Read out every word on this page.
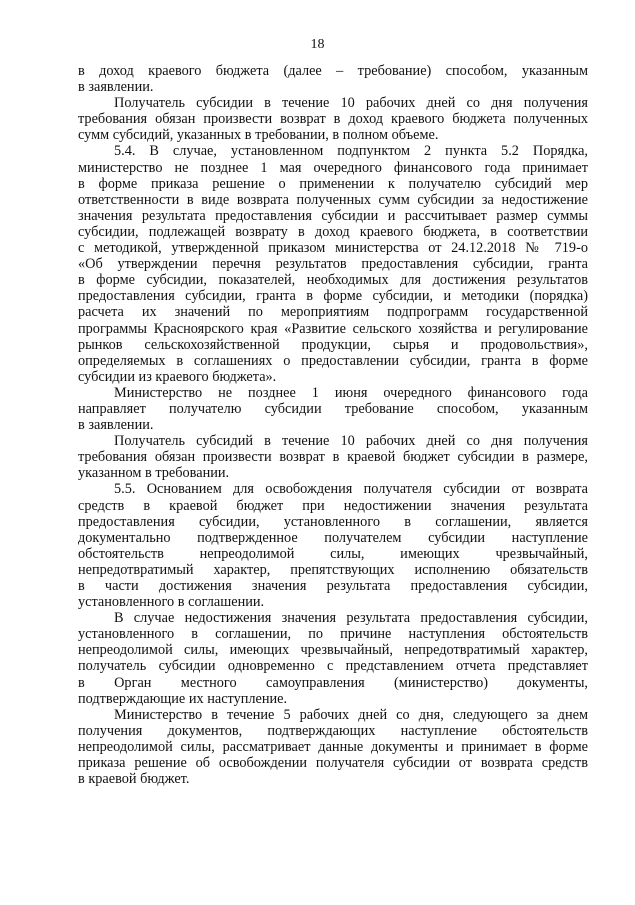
18
в доход краевого бюджета (далее – требование) способом, указанным
в заявлении.
Получатель субсидии в течение 10 рабочих дней со дня получения
требования обязан произвести возврат в доход краевого бюджета полученных
сумм субсидий, указанных в требовании, в полном объеме.
5.4. В случае, установленном подпунктом 2 пункта 5.2 Порядка,
министерство не позднее 1 мая очередного финансового года принимает
в форме приказа решение о применении к получателю субсидий мер
ответственности в виде возврата полученных сумм субсидии за недостижение
значения результата предоставления субсидии и рассчитывает размер суммы
субсидии, подлежащей возврату в доход краевого бюджета, в соответствии
с методикой, утвержденной приказом министерства от 24.12.2018 № 719-о
«Об утверждении перечня результатов предоставления субсидии, гранта
в форме субсидии, показателей, необходимых для достижения результатов
предоставления субсидии, гранта в форме субсидии, и методики (порядка)
расчета их значений по мероприятиям подпрограмм государственной
программы Красноярского края «Развитие сельского хозяйства и регулирование
рынков сельскохозяйственной продукции, сырья и продовольствия»,
определяемых в соглашениях о предоставлении субсидии, гранта в форме
субсидии из краевого бюджета».
Министерство не позднее 1 июня очередного финансового года
направляет получателю субсидии требование способом, указанным
в заявлении.
Получатель субсидий в течение 10 рабочих дней со дня получения
требования обязан произвести возврат в краевой бюджет субсидии в размере,
указанном в требовании.
5.5. Основанием для освобождения получателя субсидии от возврата
средств в краевой бюджет при недостижении значения результата
предоставления субсидии, установленного в соглашении, является
документально подтвержденное получателем субсидии наступление
обстоятельств непреодолимой силы, имеющих чрезвычайный,
непредотвратимый характер, препятствующих исполнению обязательств
в части достижения значения результата предоставления субсидии,
установленного в соглашении.
В случае недостижения значения результата предоставления субсидии,
установленного в соглашении, по причине наступления обстоятельств
непреодолимой силы, имеющих чрезвычайный, непредотвратимый характер,
получатель субсидии одновременно с представлением отчета представляет
в Орган местного самоуправления (министерство) документы,
подтверждающие их наступление.
Министерство в течение 5 рабочих дней со дня, следующего за днем
получения документов, подтверждающих наступление обстоятельств
непреодолимой силы, рассматривает данные документы и принимает в форме
приказа решение об освобождении получателя субсидии от возврата средств
в краевой бюджет.
